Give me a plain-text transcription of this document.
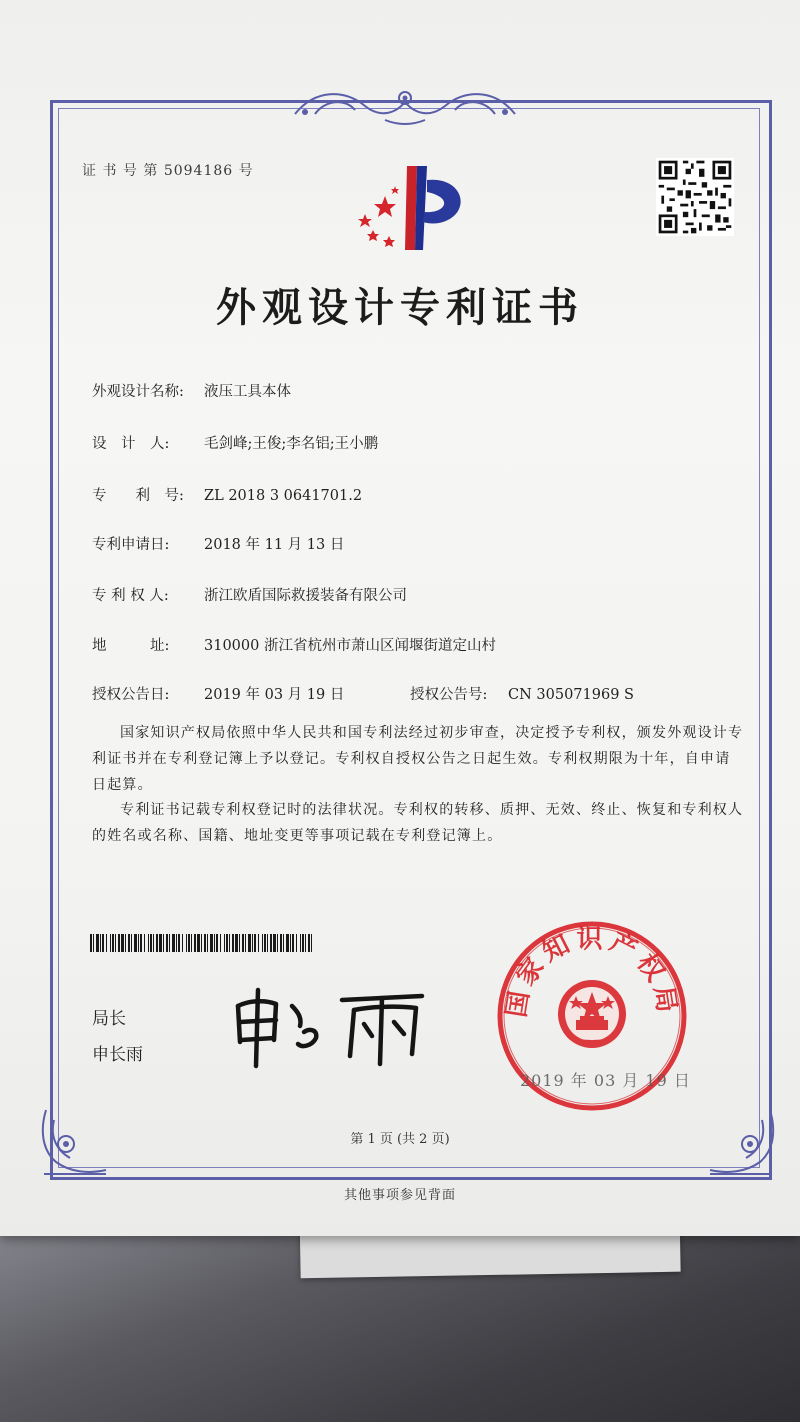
证 书 号 第 5094186 号
外观设计专利证书
外观设计名称: 液压工具本体
设　计　人: 毛剑峰;王俊;李名铝;王小鹏
专　　利　号: ZL 2018 3 0641701.2
专利申请日: 2018 年 11 月 13 日
专 利 权 人: 浙江欧盾国际救援装备有限公司
地　　　址: 310000 浙江省杭州市萧山区闻堰街道定山村
授权公告日: 2019 年 03 月 19 日	授权公告号: CN 305071969 S
国家知识产权局依照中华人民共和国专利法经过初步审查，决定授予专利权，颁发外观设计专利证书并在专利登记簿上予以登记。专利权自授权公告之日起生效。专利权期限为十年，自申请日起算。
专利证书记载专利权登记时的法律状况。专利权的转移、质押、无效、终止、恢复和专利权人的姓名或名称、国籍、地址变更等事项记载在专利登记簿上。
局长
申长雨
国家知识产权局
2019 年 03 月 19 日
第 1 页 (共 2 页)
其他事项参见背面
